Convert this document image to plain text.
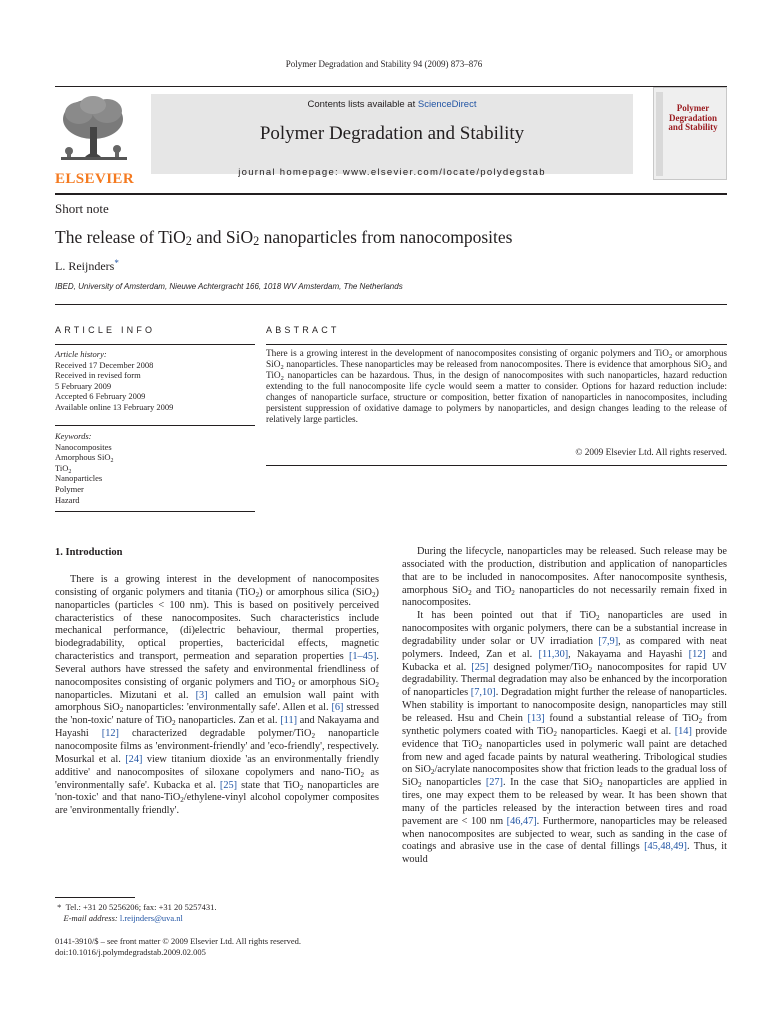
Polymer Degradation and Stability 94 (2009) 873–876
ELSEVIER
Contents lists available at ScienceDirect
Polymer Degradation and Stability
journal homepage: www.elsevier.com/locate/polydegstab
Polymer Degradation and Stability
Short note
The release of TiO$_2$ and SiO$_2$ nanoparticles from nanocomposites
L. Reijnders*
IBED, University of Amsterdam, Nieuwe Achtergracht 166, 1018 WV Amsterdam, The Netherlands
ARTICLE INFO	ABSTRACT
Article history:
Received 17 December 2008
Received in revised form
5 February 2009
Accepted 6 February 2009
Available online 13 February 2009
Keywords:
Nanocomposites
Amorphous SiO$_2$
TiO$_2$
Nanoparticles
Polymer
Hazard
There is a growing interest in the development of nanocomposites consisting of organic polymers and TiO$_2$ or amorphous SiO$_2$ nanoparticles. These nanoparticles may be released from nanocomposites. There is evidence that amorphous SiO$_2$ and TiO$_2$ nanoparticles can be hazardous. Thus, in the design of nanocomposites with such nanoparticles, hazard reduction extending to the full nanocomposite life cycle would seem a matter to consider. Options for hazard reduction include: changes of nanoparticle surface, structure or composition, better fixation of nanoparticles in nanocomposites, including persistent suppression of oxidative damage to polymers by nanoparticles, and design changes leading to the release of relatively large particles.
© 2009 Elsevier Ltd. All rights reserved.
1. Introduction

There is a growing interest in the development of nanocomposites consisting of organic polymers and titania (TiO$_2$) or amorphous silica (SiO$_2$) nanoparticles (particles < 100 nm). This is based on positively perceived characteristics of these nanocomposites. Such characteristics include mechanical performance, (di)electric behaviour, thermal properties, biodegradability, optical properties, bactericidal effects, magnetic characteristics and transport, permeation and separation properties [1–45]. Several authors have stressed the safety and environmental friendliness of nanocomposites consisting of organic polymers and TiO$_2$ or amorphous SiO$_2$ nanoparticles. Mizutani et al. [3] called an emulsion wall paint with amorphous SiO$_2$ nanoparticles: 'environmentally safe'. Allen et al. [6] stressed the 'non-toxic' nature of TiO$_2$ nanoparticles. Zan et al. [11] and Nakayama and Hayashi [12] characterized degradable polymer/TiO$_2$ nanoparticle nanocomposite films as 'environment-friendly' and 'eco-friendly', respectively. Mosurkal et al. [24] view titanium dioxide 'as an environmentally friendly additive' and nanocomposites of siloxane copolymers and nano-TiO$_2$ as 'environmentally safe'. Kubacka et al. [25] state that TiO$_2$ nanoparticles are 'non-toxic' and that nano-TiO$_2$/ethylene-vinyl alcohol copolymer composites are 'environmentally friendly'.

During the lifecycle, nanoparticles may be released. Such release may be associated with the production, distribution and application of nanoparticles that are to be included in nanocomposites. After nanocomposite synthesis, amorphous SiO$_2$ and TiO$_2$ nanoparticles do not necessarily remain fixed in nanocomposites.

It has been pointed out that if TiO$_2$ nanoparticles are used in nanocomposites with organic polymers, there can be a substantial increase in degradability under solar or UV irradiation [7,9], as compared with neat polymers. Indeed, Zan et al. [11,30], Nakayama and Hayashi [12] and Kubacka et al. [25] designed polymer/TiO$_2$ nanocomposites for rapid UV degradability. Thermal degradation may also be enhanced by the incorporation of nanoparticles [7,10]. Degradation might further the release of nanoparticles. When stability is important to nanocomposite design, nanoparticles may still be released. Hsu and Chein [13] found a substantial release of TiO$_2$ from synthetic polymers coated with TiO$_2$ nanoparticles. Kaegi et al. [14] provide evidence that TiO$_2$ nanoparticles used in polymeric wall paint are detached from new and aged facade paints by natural weathering. Tribological studies on SiO$_2$/acrylate nanocomposites show that friction leads to the gradual loss of SiO$_2$ nanoparticles [27]. In the case that SiO$_2$ nanoparticles are applied in tires, one may expect them to be released by wear. It has been shown that many of the particles released by the interaction between tires and road pavement are < 100 nm [46,47]. Furthermore, nanoparticles may be released when nanocomposites are subjected to wear, such as sanding in the case of coatings and abrasive use in the case of dental fillings [45,48,49]. Thus, it would

* Tel.: +31 20 5256206; fax: +31 20 5257431.
E-mail address: l.reijnders@uva.nl
0141-3910/$ – see front matter © 2009 Elsevier Ltd. All rights reserved.
doi:10.1016/j.polymdegradstab.2009.02.005
